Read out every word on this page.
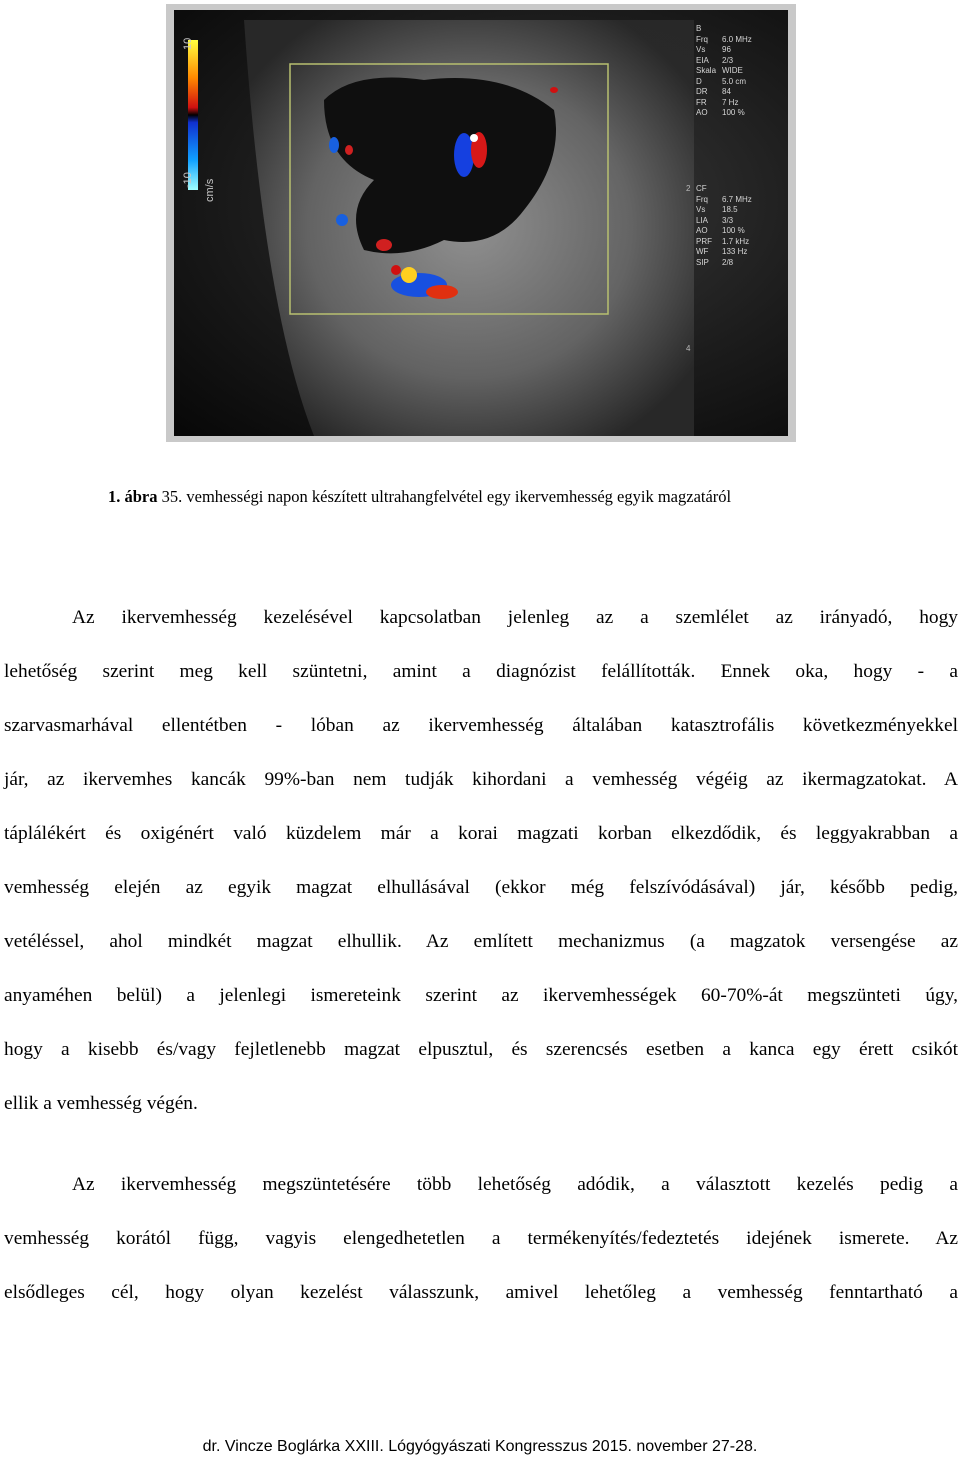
10
-10 cm/s
B
Frq	6.0 MHz
Vs	96
EIA	2/3
Skala WIDE
D	5.0 cm
DR	84
FR	7 Hz
AO	100 %
CF
Frq	6.7 MHz
Vs	18.5
LIA	3/3
AO	100 %
PRF	1.7 kHz
WF	133 Hz
SIP	2/8
2
4
1. ábra 35. vemhességi napon készített ultrahangfelvétel egy ikervemhesség egyik magzatáról
Az ikervemhesség kezelésével kapcsolatban jelenleg az a szemlélet az irányadó, hogy
lehetőség szerint meg kell szüntetni, amint a diagnózist felállították. Ennek oka, hogy - a
szarvasmarhával ellentétben - lóban az ikervemhesség általában katasztrofális következményekkel
jár, az ikervemhes kancák 99%-ban nem tudják kihordani a vemhesség végéig az ikermagzatokat. A
táplálékért és oxigénért való küzdelem már a korai magzati korban elkezdődik, és leggyakrabban a
vemhesség elején az egyik magzat elhullásával (ekkor még felszívódásával) jár, később pedig,
vetéléssel, ahol mindkét magzat elhullik. Az említett mechanizmus (a magzatok versengése az
anyaméhen belül) a jelenlegi ismereteink szerint az ikervemhességek 60-70%-át megszünteti úgy,
hogy a kisebb és/vagy fejletlenebb magzat elpusztul, és szerencsés esetben a kanca egy érett csikót
ellik a vemhesség végén.
Az ikervemhesség megszüntetésére több lehetőség adódik, a választott kezelés pedig a
vemhesség korától függ, vagyis elengedhetetlen a termékenyítés/fedeztetés idejének ismerete. Az
elsődleges cél, hogy olyan kezelést válasszunk, amivel lehetőleg a vemhesség fenntartható a
dr. Vincze Boglárka XXIII. Lógyógyászati Kongresszus 2015. november 27-28.
